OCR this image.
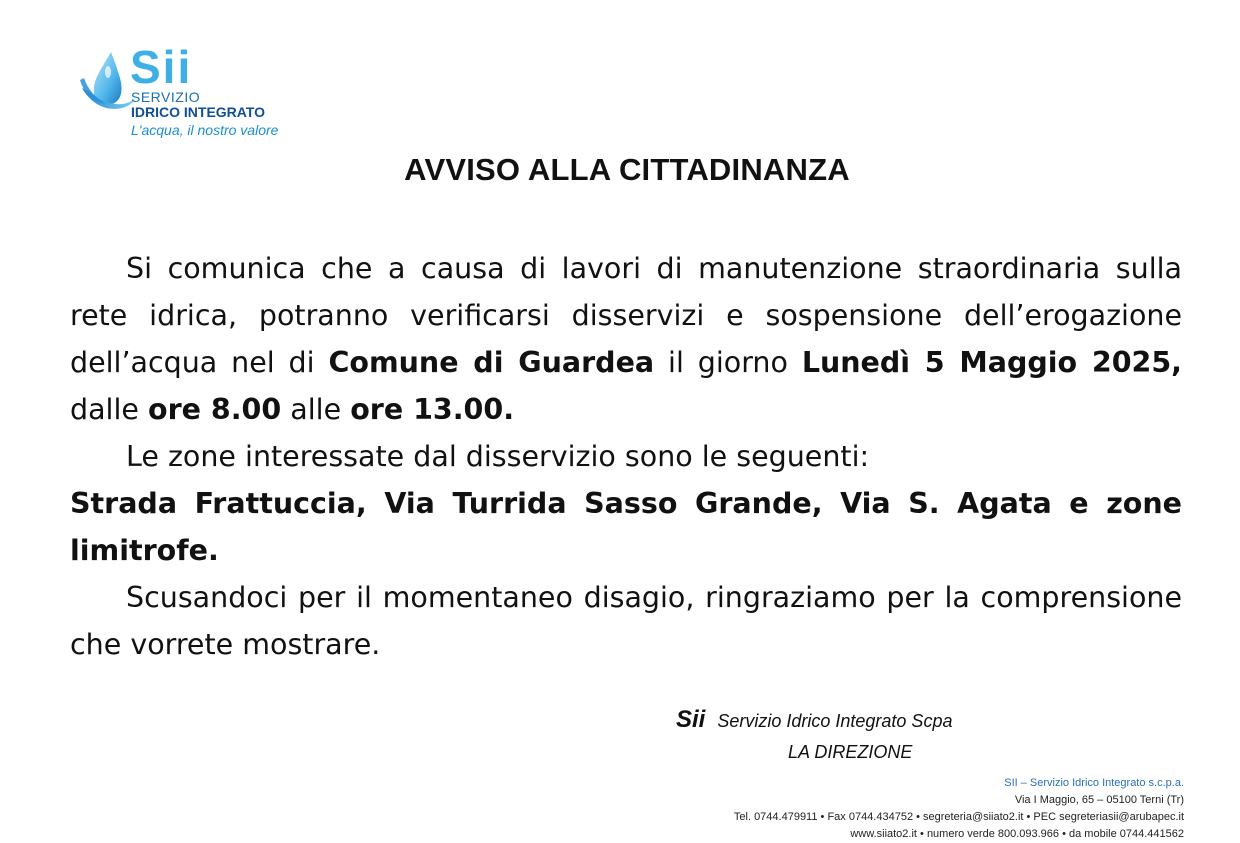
Sii
SERVIZIO
IDRICO INTEGRATO
L'acqua, il nostro valore
AVVISO ALLA CITTADINANZA

Si comunica che a causa di lavori di manutenzione straordinaria sulla rete idrica, potranno verificarsi disservizi e sospensione dell’erogazione dell’acqua nel di Comune di Guardea il giorno Lunedì 5 Maggio 2025, dalle ore 8.00 alle ore 13.00.

Le zone interessate dal disservizio sono le seguenti:

Strada Frattuccia, Via Turrida Sasso Grande, Via S. Agata e zone limitrofe.

Scusandoci per il momentaneo disagio, ringraziamo per la comprensione che vorrete mostrare.

Sii Servizio Idrico Integrato Scpa
LA DIREZIONE
SII – Servizio Idrico Integrato s.c.p.a.
Via I Maggio, 65 – 05100 Terni (Tr)
Tel. 0744.479911 • Fax 0744.434752 • segreteria@siiato2.it • PEC segreteriasii@arubapec.it
www.siiato2.it • numero verde 800.093.966 • da mobile 0744.441562
